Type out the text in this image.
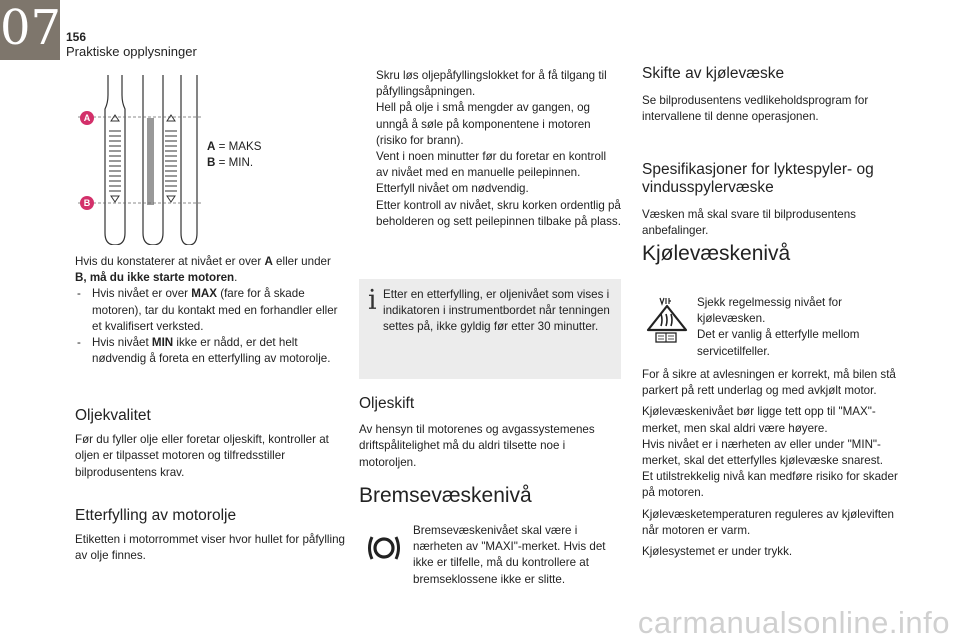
07 156
Praktiske opplysninger
A
B
A = MAKS
B = MIN.

Hvis du konstaterer at nivået er over A eller under B, må du ikke starte motoren.

- Hvis nivået er over MAX (fare for å skade motoren), tar du kontakt med en forhandler eller et kvalifisert verksted.
- Hvis nivået MIN ikke er nådd, er det helt nødvendig å foreta en etterfylling av motorolje.
Oljekvalitet

Før du fyller olje eller foretar oljeskift, kontroller at oljen er tilpasset motoren og tilfredsstiller bilprodusentens krav.

Etterfylling av motorolje

Etiketten i motorrommet viser hvor hullet for påfylling av olje finnes.

Skru løs oljepåfyllingslokket for å få tilgang til påfyllingsåpningen.
Hell på olje i små mengder av gangen, og unngå å søle på komponentene i motoren (risiko for brann).
Vent i noen minutter før du foretar en kontroll av nivået med en manuelle peilepinnen.
Etterfyll nivået om nødvendig.
Etter kontroll av nivået, skru korken ordentlig på beholderen og sett peilepinnen tilbake på plass.
i Etter en etterfylling, er oljenivået som vises i indikatoren i instrumentbordet når tenningen settes på, ikke gyldig før etter 30 minutter.

Oljeskift

Av hensyn til motorenes og avgassystemenes driftspålitelighet må du aldri tilsette noe i motoroljen.

Bremsevæskenivå

Bremsevæskenivået skal være i nærheten av "MAXI"-merket. Hvis det ikke er tilfelle, må du kontrollere at bremseklossene ikke er slitte.

Skifte av kjølevæske

Se bilprodusentens vedlikeholdsprogram for intervallene til denne operasjonen.

Spesifikasjoner for lyktespyler- og vindusspylervæske

Væsken må skal svare til bilprodusentens anbefalinger.

Kjølevæskenivå
Sjekk regelmessig nivået for kjølevæsken.
Det er vanlig å etterfylle mellom servicetilfeller.

For å sikre at avlesningen er korrekt, må bilen stå parkert på rett underlag og med avkjølt motor.

Kjølevæskenivået bør ligge tett opp til "MAX"-merket, men skal aldri være høyere.
Hvis nivået er i nærheten av eller under "MIN"-merket, skal det etterfylles kjølevæske snarest.
Et utilstrekkelig nivå kan medføre risiko for skader på motoren.

Kjølevæsketemperaturen reguleres av kjøleviften når motoren er varm.

Kjølesystemet er under trykk.

carmanualsonline.info
